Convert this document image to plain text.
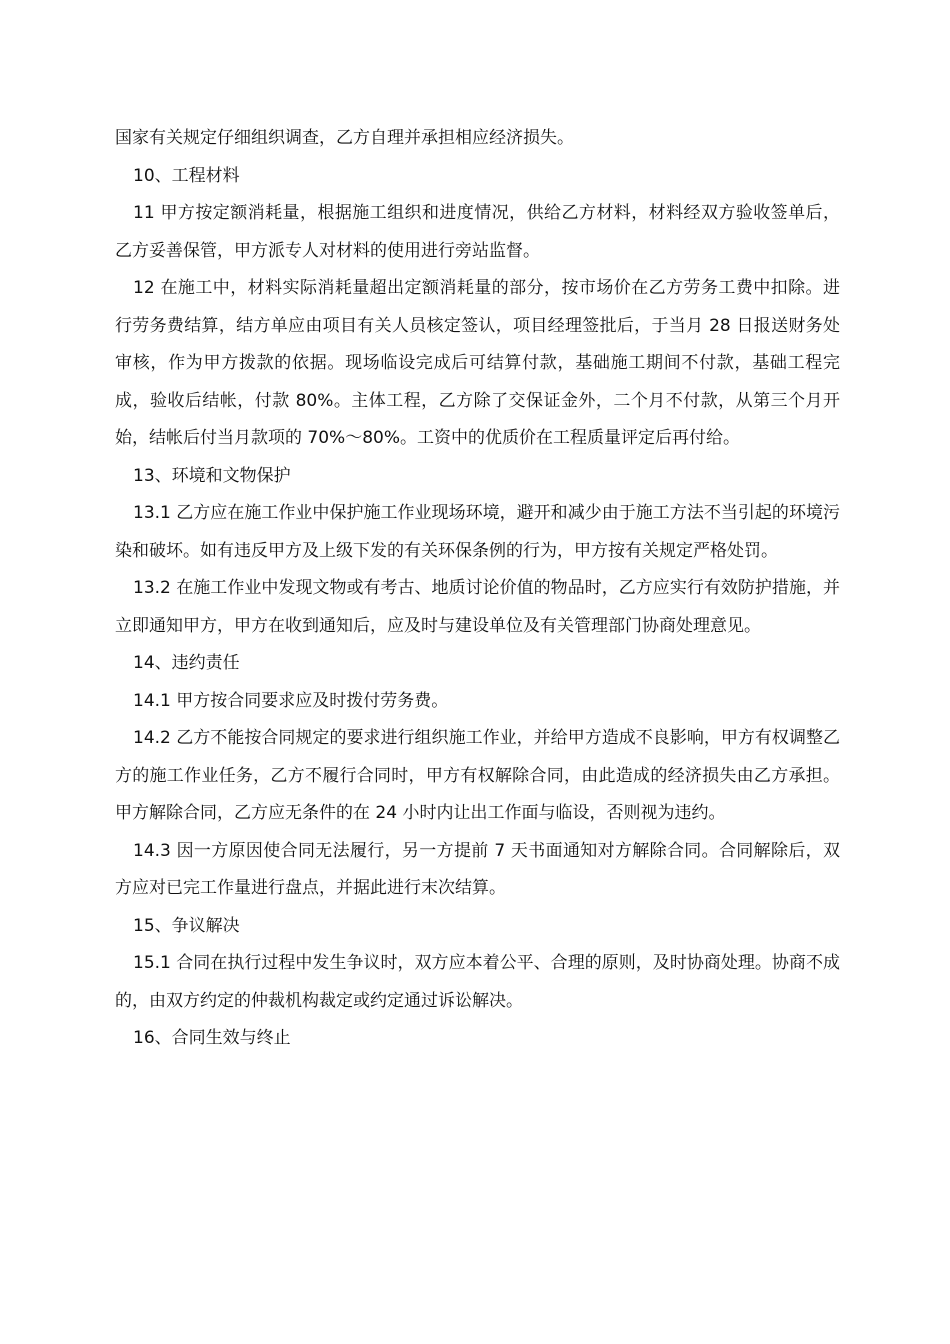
国家有关规定仔细组织调查，乙方自理并承担相应经济损失。

10、工程材料

11 甲方按定额消耗量，根据施工组织和进度情况，供给乙方材料，材料经双方验收签单后，乙方妥善保管，甲方派专人对材料的使用进行旁站监督。

12 在施工中，材料实际消耗量超出定额消耗量的部分，按市场价在乙方劳务工费中扣除。进行劳务费结算，结方单应由项目有关人员核定签认，项目经理签批后，于当月 28 日报送财务处审核，作为甲方拨款的依据。现场临设完成后可结算付款，基础施工期间不付款，基础工程完成，验收后结帐，付款 80%。主体工程，乙方除了交保证金外，二个月不付款，从第三个月开始，结帐后付当月款项的 70%～80%。工资中的优质价在工程质量评定后再付给。

13、环境和文物保护

13.1 乙方应在施工作业中保护施工作业现场环境，避开和减少由于施工方法不当引起的环境污染和破坏。如有违反甲方及上级下发的有关环保条例的行为，甲方按有关规定严格处罚。

13.2 在施工作业中发现文物或有考古、地质讨论价值的物品时，乙方应实行有效防护措施，并立即通知甲方，甲方在收到通知后，应及时与建设单位及有关管理部门协商处理意见。

14、违约责任

14.1 甲方按合同要求应及时拨付劳务费。

14.2 乙方不能按合同规定的要求进行组织施工作业，并给甲方造成不良影响，甲方有权调整乙方的施工作业任务，乙方不履行合同时，甲方有权解除合同，由此造成的经济损失由乙方承担。甲方解除合同，乙方应无条件的在 24 小时内让出工作面与临设，否则视为违约。

14.3 因一方原因使合同无法履行，另一方提前 7 天书面通知对方解除合同。合同解除后，双方应对已完工作量进行盘点，并据此进行末次结算。

15、争议解决

15.1 合同在执行过程中发生争议时，双方应本着公平、合理的原则，及时协商处理。协商不成的，由双方约定的仲裁机构裁定或约定通过诉讼解决。

16、合同生效与终止
